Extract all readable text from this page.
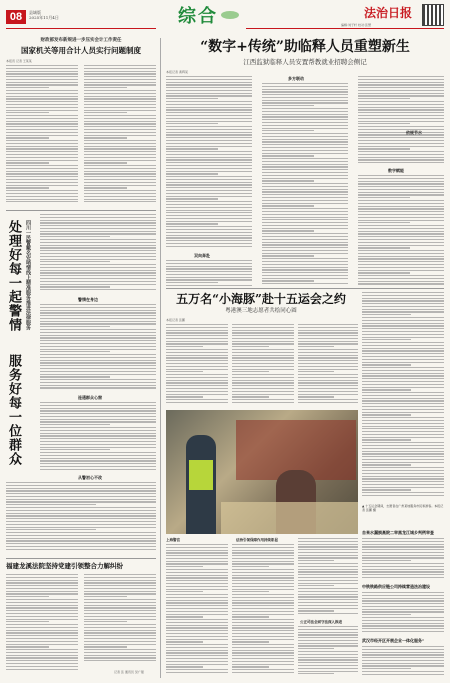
08	县域版
2025年11月4日	综合	编辑:刘子轩 校对:张慧
法治日报
财政部发布新规进一步压实会计工作责任
国家机关等用合计人员实行问题制度
本报讯 记者 王某某
处理好每一起警情 四川一民警戴名安哨情线上精准服务推进法律服务
服务好每一位群众
警情在身边
连通群众心窗
从警初心不改
福建龙溪法院坚持党建引领整合力解纠纷
记者 张 通讯员 吴广强
“数字+传统”助临释人员重塑新生
江西监狱临释人员安置帮教就业招聘会侧记
本报记者 黄辉某
双向奔赴
多方联动
数字赋能
五万名“小海豚”赴十五运会之约
粤港澳三地志愿者共绘同心圆
本报记者 张鹏
▲ 十五运会期间，志愿者在广州某地服务市民和游客。本报记者 张鹏 摄
上海警官	法治引领保障作用持续彰显
公正司法全面守法深入推进
依规节水
自来水漏损高院二审黑龙江城乡判例审查
中铁铁路供应链公司持续营造法治建设
武汉市经开区开展企业一体化服务”
